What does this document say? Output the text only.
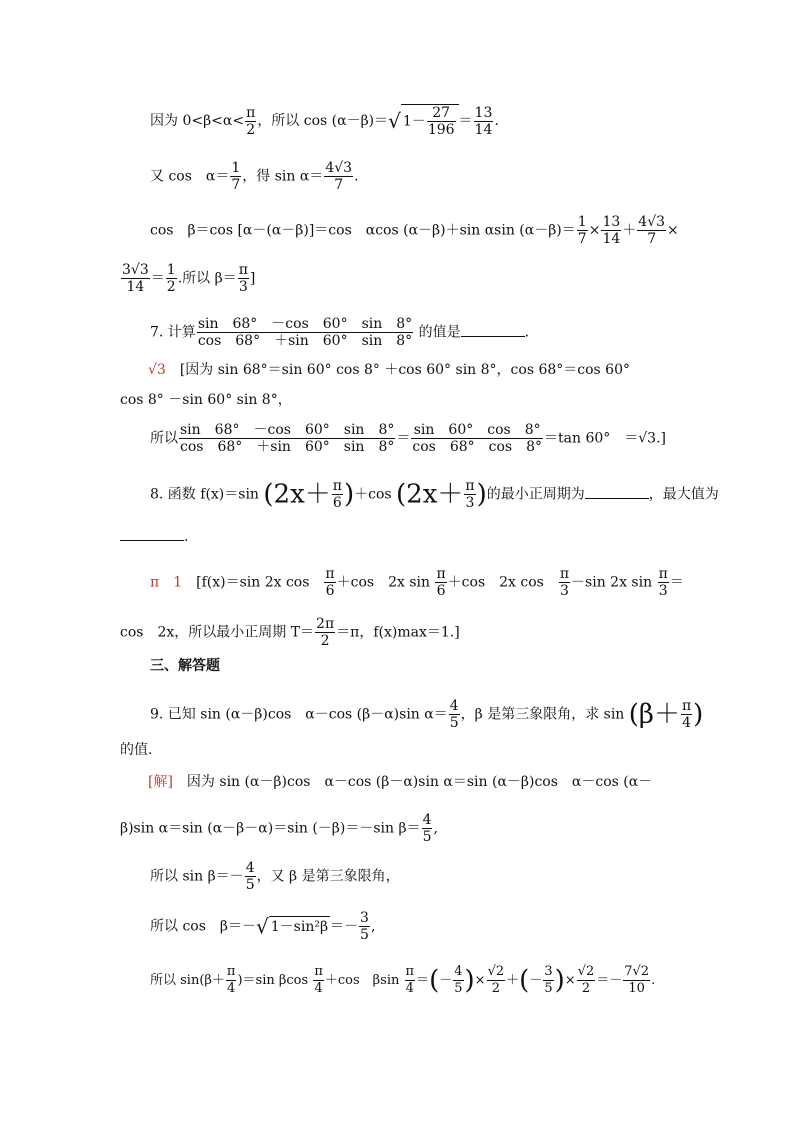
因为 $0<\beta<\alpha< \frac{\pi}{2}$ ，所以 cos (α－β)＝√ $1- \frac{27}{196} = \frac{13}{14}$ .
又 cos　$\alpha= \frac{1}{7}$ ，得 $\sin \alpha= \frac{4√3}{7}$ .
cos　β＝cos [α－(α－β)]＝cos　αcos (α－β)＋sin αsin $(\alpha-\beta)= \frac{1}{7} \times \frac{13}{14} + \frac{4√3}{7}$ ×
$\frac{3√3}{14} = \frac{1}{2}$ .所以 $\beta= \frac{\pi}{3}$ ]
7. 计算 $\frac{\sin 68^\circ -\cos 60^\circ \sin 8^\circ}{\cos 68^\circ +\sin 60^\circ \sin 8^\circ}$ 的值是	.
√3　 [因为 sin 68°＝sin 60° cos 8° ＋cos 60° sin 8°，cos 68°＝cos 60°
cos 8° －sin 60° sin 8°，
所以 $\frac{\sin 68^\circ -\cos 60^\circ \sin 8^\circ}{\cos 68^\circ +\sin 60^\circ \sin 8^\circ} = \frac{\sin 60^\circ \cos 8^\circ}{\cos 68^\circ \cos 8^\circ} =\tan$ 60°　＝√3.]
8. 函数 f(x)＝sin $(2x+ \frac{\pi}{6} )+\cos$ ($2x+ \frac{\pi}{3}$ )的最小正周期为	，最大值为
.
π　1　 [f(x)＝sin 2x cos　 $\frac{\pi}{6} +\cos$　2x $\sin \frac{\pi}{6} +\cos$　2x cos　 $\frac{\pi}{3} -\sin$ 2x $\sin \frac{\pi}{3}$ ＝
cos　2x，所以最小正周期 $T= \frac{2\pi}{2} =\pi$，f(x)max＝1.]
三、解答题
9. 已知 sin (α－β)cos　α－cos (β－α)sin $\alpha= \frac{4}{5}$ ，β 是第三象限角，求 $\sin (\beta+ \frac{\pi}{4}$ )
的值.
[解]　因为 sin (α－β)cos　α－cos (β－α)sin α＝sin (α－β)cos　α－cos (α－
β)sin α＝sin (α－β－α)＝sin (－β)＝－sin $\beta= \frac{4}{5}$ ,
所以 $\sin \beta=- \frac{4}{5}$ ，又 β 是第三象限角，
所以 cos　β＝－√ $1-\sin^2\beta =- \frac{3}{5}$ ,
所以 $\sin(\beta+ \frac{\pi}{4} )=\sin$ βcos $\frac{\pi}{4} +\cos$　βsin $\frac{\pi}{4}$ ＝(－ $\frac{4}{5}$ )× $\frac{√2}{2}$ ＋(－ $\frac{3}{5}$ )× $\frac{√2}{2} =- \frac{7√2}{10}$ .
